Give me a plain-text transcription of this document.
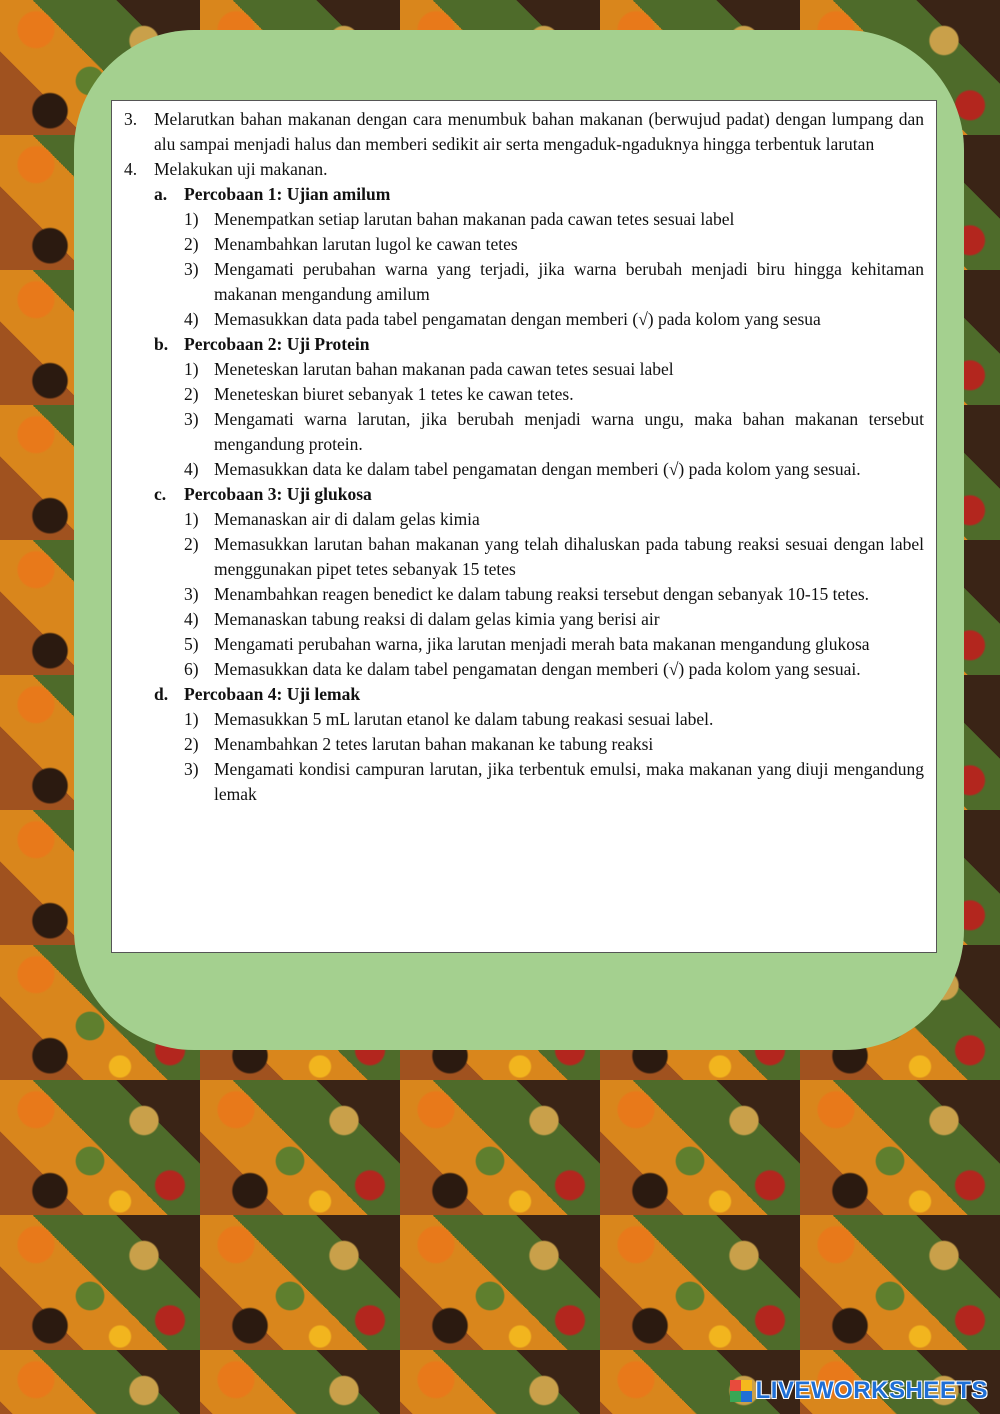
3. Melarutkan bahan makanan dengan cara menumbuk bahan makanan (berwujud padat) dengan lumpang dan alu sampai menjadi halus dan memberi sedikit air serta mengaduk-ngaduknya hingga terbentuk larutan
4. Melakukan uji makanan.
a. Percobaan 1: Ujian amilum
1) Menempatkan setiap larutan bahan makanan pada cawan tetes sesuai label
2) Menambahkan larutan lugol ke cawan tetes
3) Mengamati perubahan warna yang terjadi, jika warna berubah menjadi biru hingga kehitaman makanan mengandung amilum
4) Memasukkan data pada tabel pengamatan dengan memberi (√) pada kolom yang sesua
b. Percobaan 2: Uji Protein
1) Meneteskan larutan bahan makanan pada cawan tetes sesuai label
2) Meneteskan biuret sebanyak 1 tetes ke cawan tetes.
3) Mengamati warna larutan, jika berubah menjadi warna ungu, maka bahan makanan tersebut mengandung protein.
4) Memasukkan data ke dalam tabel pengamatan dengan memberi (√) pada kolom yang sesuai.
c. Percobaan 3: Uji glukosa
1) Memanaskan air di dalam gelas kimia
2) Memasukkan larutan bahan makanan yang telah dihaluskan pada tabung reaksi sesuai dengan label menggunakan pipet tetes sebanyak 15 tetes
3) Menambahkan reagen benedict ke dalam tabung reaksi tersebut dengan sebanyak 10-15 tetes.
4) Memanaskan tabung reaksi di dalam gelas kimia yang berisi air
5) Mengamati perubahan warna, jika larutan menjadi merah bata makanan mengandung glukosa
6) Memasukkan data ke dalam tabel pengamatan dengan memberi (√) pada kolom yang sesuai.
d. Percobaan 4: Uji lemak
1) Memasukkan 5 mL larutan etanol ke dalam tabung reakasi sesuai label.
2) Menambahkan 2 tetes larutan bahan makanan ke tabung reaksi
3) Mengamati kondisi campuran larutan, jika terbentuk emulsi, maka makanan yang diuji mengandung lemak
LIVEWORKSHEETS
